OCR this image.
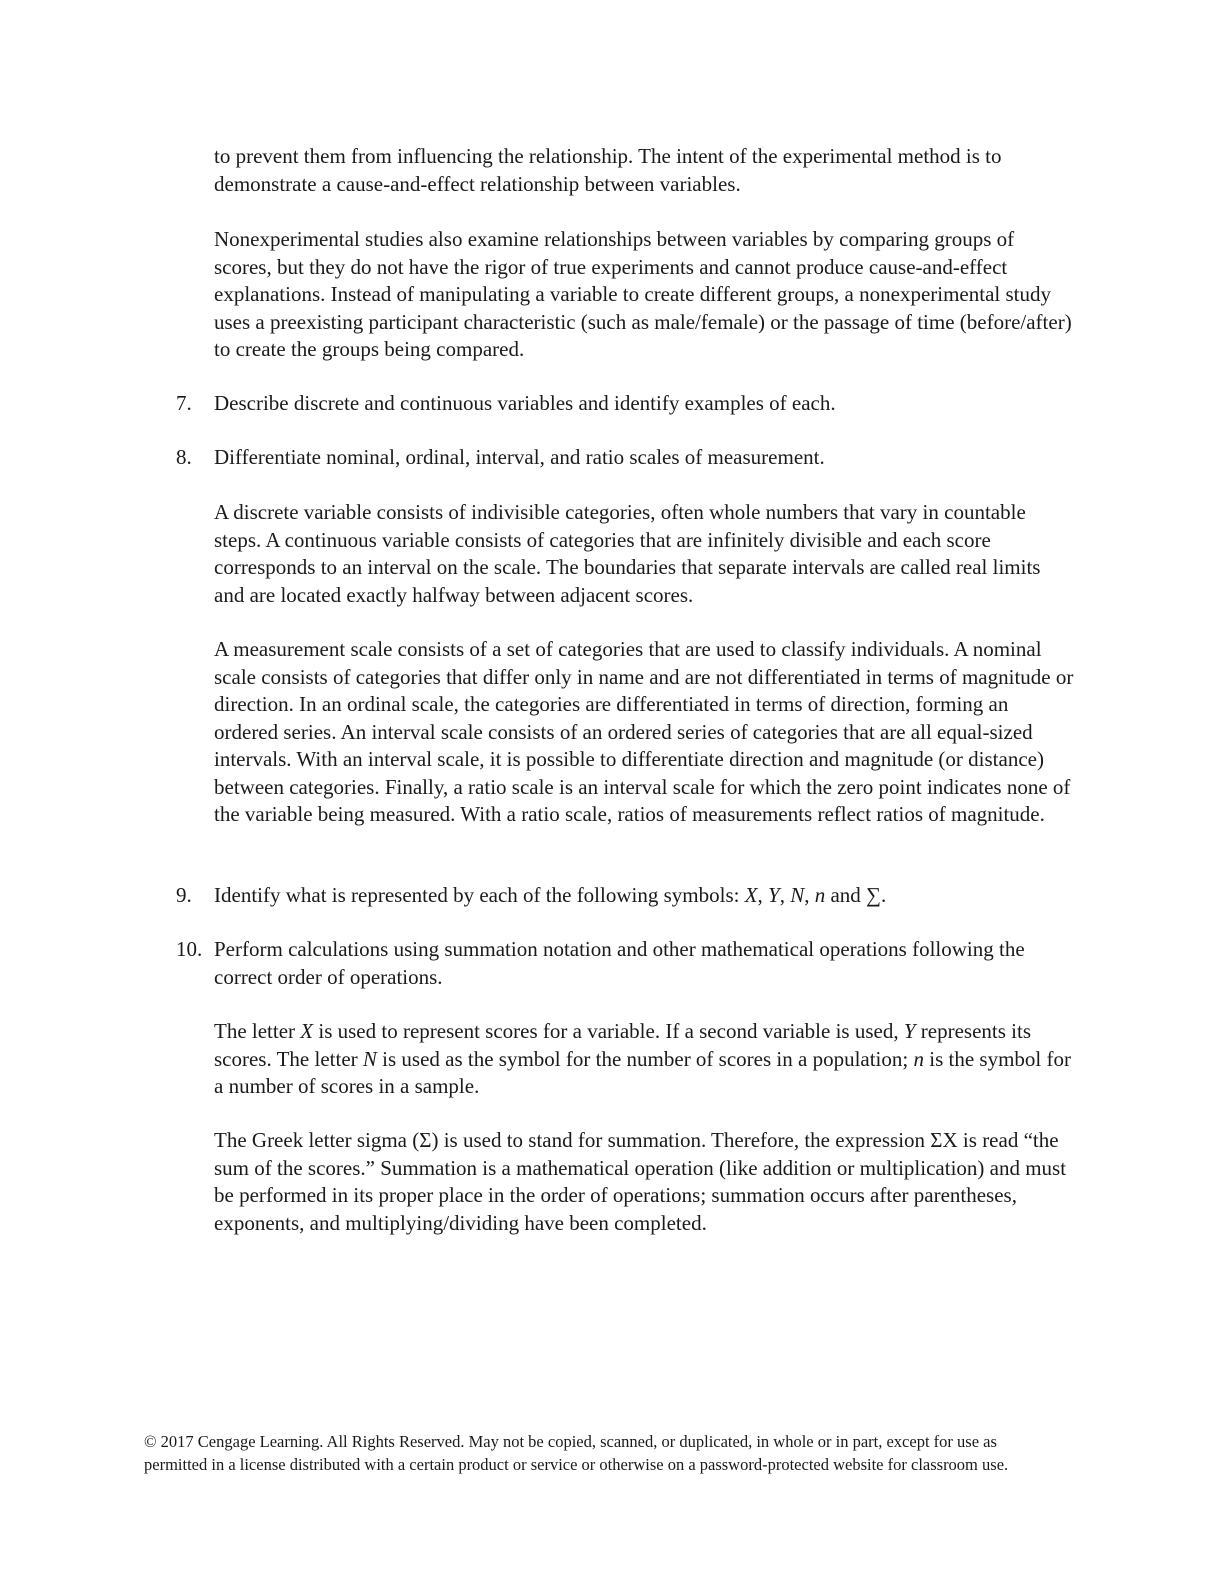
to prevent them from influencing the relationship. The intent of the experimental method is to demonstrate a cause-and-effect relationship between variables.

Nonexperimental studies also examine relationships between variables by comparing groups of scores, but they do not have the rigor of true experiments and cannot produce cause-and-effect explanations. Instead of manipulating a variable to create different groups, a nonexperimental study uses a preexisting participant characteristic (such as male/female) or the passage of time (before/after) to create the groups being compared.

7. Describe discrete and continuous variables and identify examples of each.
8. Differentiate nominal, ordinal, interval, and ratio scales of measurement.

A discrete variable consists of indivisible categories, often whole numbers that vary in countable steps. A continuous variable consists of categories that are infinitely divisible and each score corresponds to an interval on the scale. The boundaries that separate intervals are called real limits and are located exactly halfway between adjacent scores.

A measurement scale consists of a set of categories that are used to classify individuals. A nominal scale consists of categories that differ only in name and are not differentiated in terms of magnitude or direction. In an ordinal scale, the categories are differentiated in terms of direction, forming an ordered series. An interval scale consists of an ordered series of categories that are all equal-sized intervals. With an interval scale, it is possible to differentiate direction and magnitude (or distance) between categories. Finally, a ratio scale is an interval scale for which the zero point indicates none of the variable being measured. With a ratio scale, ratios of measurements reflect ratios of magnitude.

9. Identify what is represented by each of the following symbols: X, Y, N, n and ∑.
10. Perform calculations using summation notation and other mathematical operations following the correct order of operations.

The letter X is used to represent scores for a variable. If a second variable is used, Y represents its scores. The letter N is used as the symbol for the number of scores in a population; n is the symbol for a number of scores in a sample.

The Greek letter sigma (Σ) is used to stand for summation. Therefore, the expression ΣX is read “the sum of the scores.” Summation is a mathematical operation (like addition or multiplication) and must be performed in its proper place in the order of operations; summation occurs after parentheses, exponents, and multiplying/dividing have been completed.

© 2017 Cengage Learning. All Rights Reserved. May not be copied, scanned, or duplicated, in whole or in part, except for use as permitted in a license distributed with a certain product or service or otherwise on a password-protected website for classroom use.
